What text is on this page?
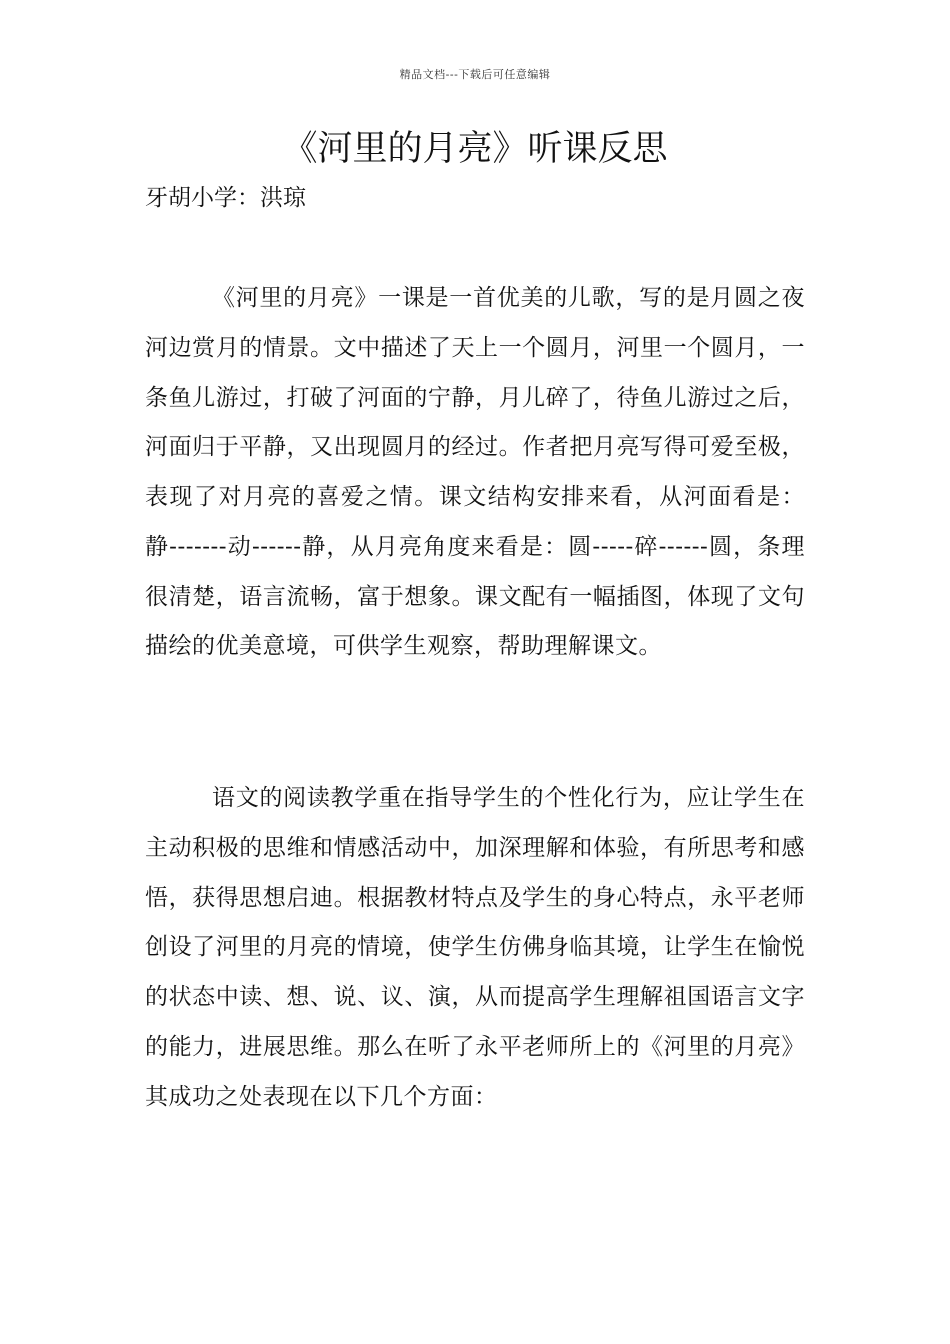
精品文档---下载后可任意编辑
《河里的月亮》听课反思
牙胡小学：洪琼

《河里的月亮》一课是一首优美的儿歌，写的是月圆之夜河边赏月的情景。文中描述了天上一个圆月，河里一个圆月，一条鱼儿游过，打破了河面的宁静，月儿碎了，待鱼儿游过之后，河面归于平静，又出现圆月的经过。作者把月亮写得可爱至极，表现了对月亮的喜爱之情。课文结构安排来看，从河面看是：静-------动------静，从月亮角度来看是：圆-----碎------圆，条理很清楚，语言流畅，富于想象。课文配有一幅插图，体现了文句描绘的优美意境，可供学生观察，帮助理解课文。

语文的阅读教学重在指导学生的个性化行为，应让学生在主动积极的思维和情感活动中，加深理解和体验，有所思考和感悟，获得思想启迪。根据教材特点及学生的身心特点，永平老师创设了河里的月亮的情境，使学生仿佛身临其境，让学生在愉悦的状态中读、想、说、议、演，从而提高学生理解祖国语言文字的能力，进展思维。那么在听了永平老师所上的《河里的月亮》其成功之处表现在以下几个方面：
